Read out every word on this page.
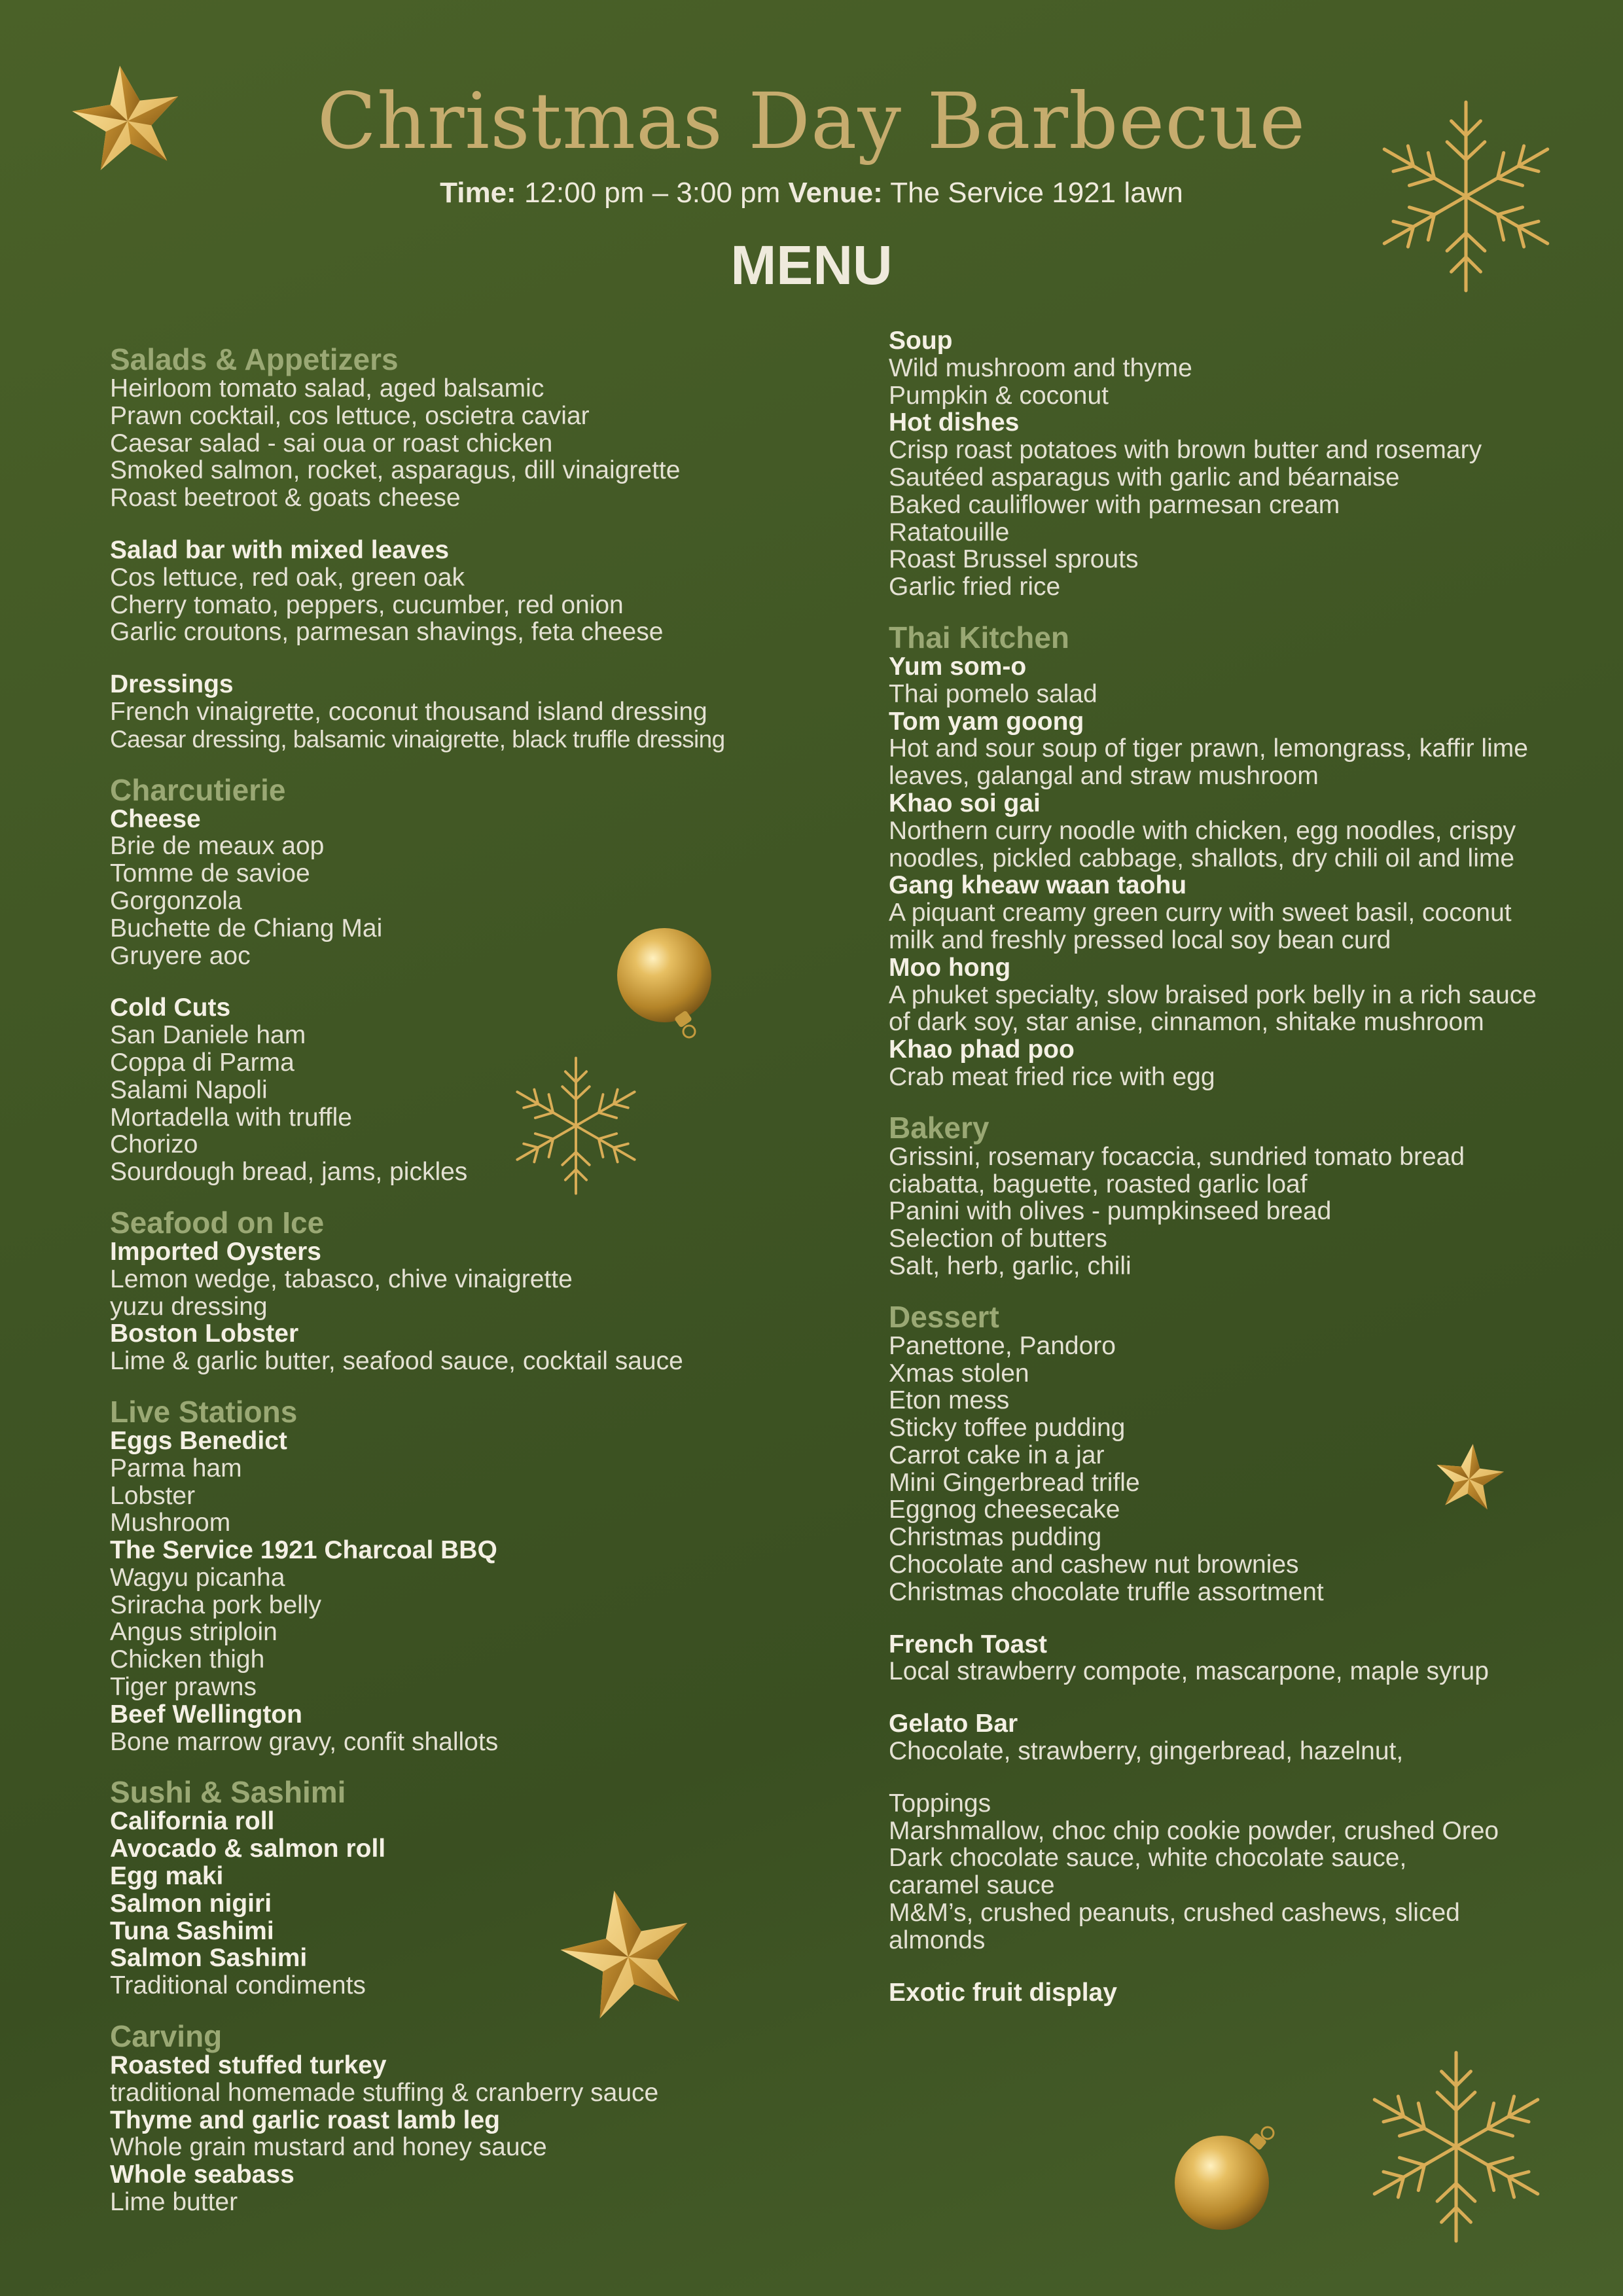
Christmas Day Barbecue
Time: 12:00 pm – 3:00 pm Venue: The Service 1921 lawn
MENU
Salads & Appetizers
Heirloom tomato salad, aged balsamic
Prawn cocktail, cos lettuce, oscietra caviar
Caesar salad - sai oua or roast chicken
Smoked salmon, rocket, asparagus, dill vinaigrette
Roast beetroot & goats cheese
Salad bar with mixed leaves
Cos lettuce, red oak, green oak
Cherry tomato, peppers, cucumber, red onion
Garlic croutons, parmesan shavings, feta cheese
Dressings
French vinaigrette, coconut thousand island dressing
Caesar dressing, balsamic vinaigrette, black truffle dressing
Charcutierie
Cheese
Brie de meaux aop
Tomme de savioe
Gorgonzola
Buchette de Chiang Mai
Gruyere aoc
Cold Cuts
San Daniele ham
Coppa di Parma
Salami Napoli
Mortadella with truffle
Chorizo
Sourdough bread, jams, pickles
Seafood on Ice
Imported Oysters
Lemon wedge, tabasco, chive vinaigrette
yuzu dressing
Boston Lobster
Lime & garlic butter, seafood sauce, cocktail sauce
Live Stations
Eggs Benedict
Parma ham
Lobster
Mushroom
The Service 1921 Charcoal BBQ
Wagyu picanha
Sriracha pork belly
Angus striploin
Chicken thigh
Tiger prawns
Beef Wellington
Bone marrow gravy, confit shallots
Sushi & Sashimi
California roll
Avocado & salmon roll
Egg maki
Salmon nigiri
Tuna Sashimi
Salmon Sashimi
Traditional condiments
Carving
Roasted stuffed turkey
traditional homemade stuffing & cranberry sauce
Thyme and garlic roast lamb leg
Whole grain mustard and honey sauce
Whole seabass
Lime butter
Soup
Wild mushroom and thyme
Pumpkin & coconut
Hot dishes
Crisp roast potatoes with brown butter and rosemary
Sautéed asparagus with garlic and béarnaise
Baked cauliflower with parmesan cream
Ratatouille
Roast Brussel sprouts
Garlic fried rice
Thai Kitchen
Yum som-o
Thai pomelo salad
Tom yam goong
Hot and sour soup of tiger prawn, lemongrass, kaffir lime
leaves, galangal and straw mushroom
Khao soi gai
Northern curry noodle with chicken, egg noodles, crispy
noodles, pickled cabbage, shallots, dry chili oil and lime
Gang kheaw waan taohu
A piquant creamy green curry with sweet basil, coconut
milk and freshly pressed local soy bean curd
Moo hong
A phuket specialty, slow braised pork belly in a rich sauce
of dark soy, star anise, cinnamon, shitake mushroom
Khao phad poo
Crab meat fried rice with egg
Bakery
Grissini, rosemary focaccia, sundried tomato bread
ciabatta, baguette, roasted garlic loaf
Panini with olives - pumpkinseed bread
Selection of butters
Salt, herb, garlic, chili
Dessert
Panettone, Pandoro
Xmas stolen
Eton mess
Sticky toffee pudding
Carrot cake in a jar
Mini Gingerbread trifle
Eggnog cheesecake
Christmas pudding
Chocolate and cashew nut brownies
Christmas chocolate truffle assortment
French Toast
Local strawberry compote, mascarpone, maple syrup
Gelato Bar
Chocolate, strawberry, gingerbread, hazelnut,
Toppings
Marshmallow, choc chip cookie powder, crushed Oreo
Dark chocolate sauce, white chocolate sauce,
caramel sauce
M&M’s, crushed peanuts, crushed cashews, sliced
almonds
Exotic fruit display
